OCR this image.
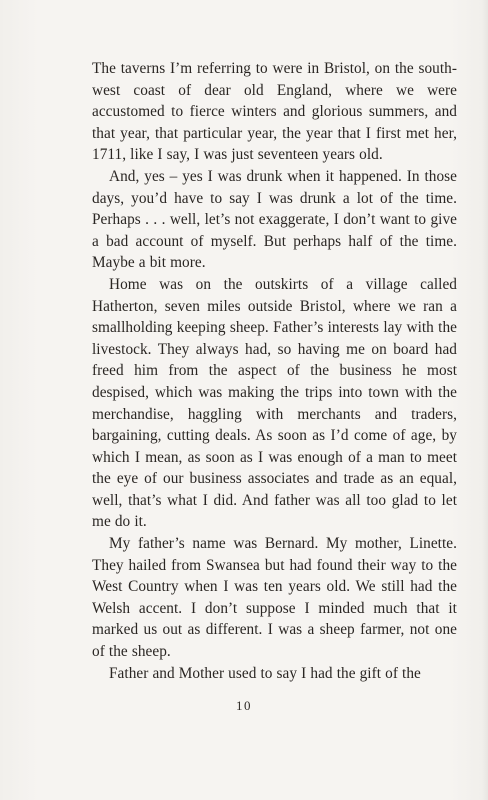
The taverns I’m referring to were in Bristol, on the south-west coast of dear old England, where we were accustomed to fierce winters and glorious summers, and that year, that particular year, the year that I first met her, 1711, like I say, I was just seventeen years old.

And, yes – yes I was drunk when it happened. In those days, you’d have to say I was drunk a lot of the time. Perhaps . . . well, let’s not exaggerate, I don’t want to give a bad account of myself. But perhaps half of the time. Maybe a bit more.

Home was on the outskirts of a village called Hatherton, seven miles outside Bristol, where we ran a smallholding keeping sheep. Father’s interests lay with the livestock. They always had, so having me on board had freed him from the aspect of the business he most despised, which was making the trips into town with the merchandise, haggling with merchants and traders, bargaining, cutting deals. As soon as I’d come of age, by which I mean, as soon as I was enough of a man to meet the eye of our business associates and trade as an equal, well, that’s what I did. And father was all too glad to let me do it.

My father’s name was Bernard. My mother, Linette. They hailed from Swansea but had found their way to the West Country when I was ten years old. We still had the Welsh accent. I don’t suppose I minded much that it marked us out as different. I was a sheep farmer, not one of the sheep.

Father and Mother used to say I had the gift of the

10
